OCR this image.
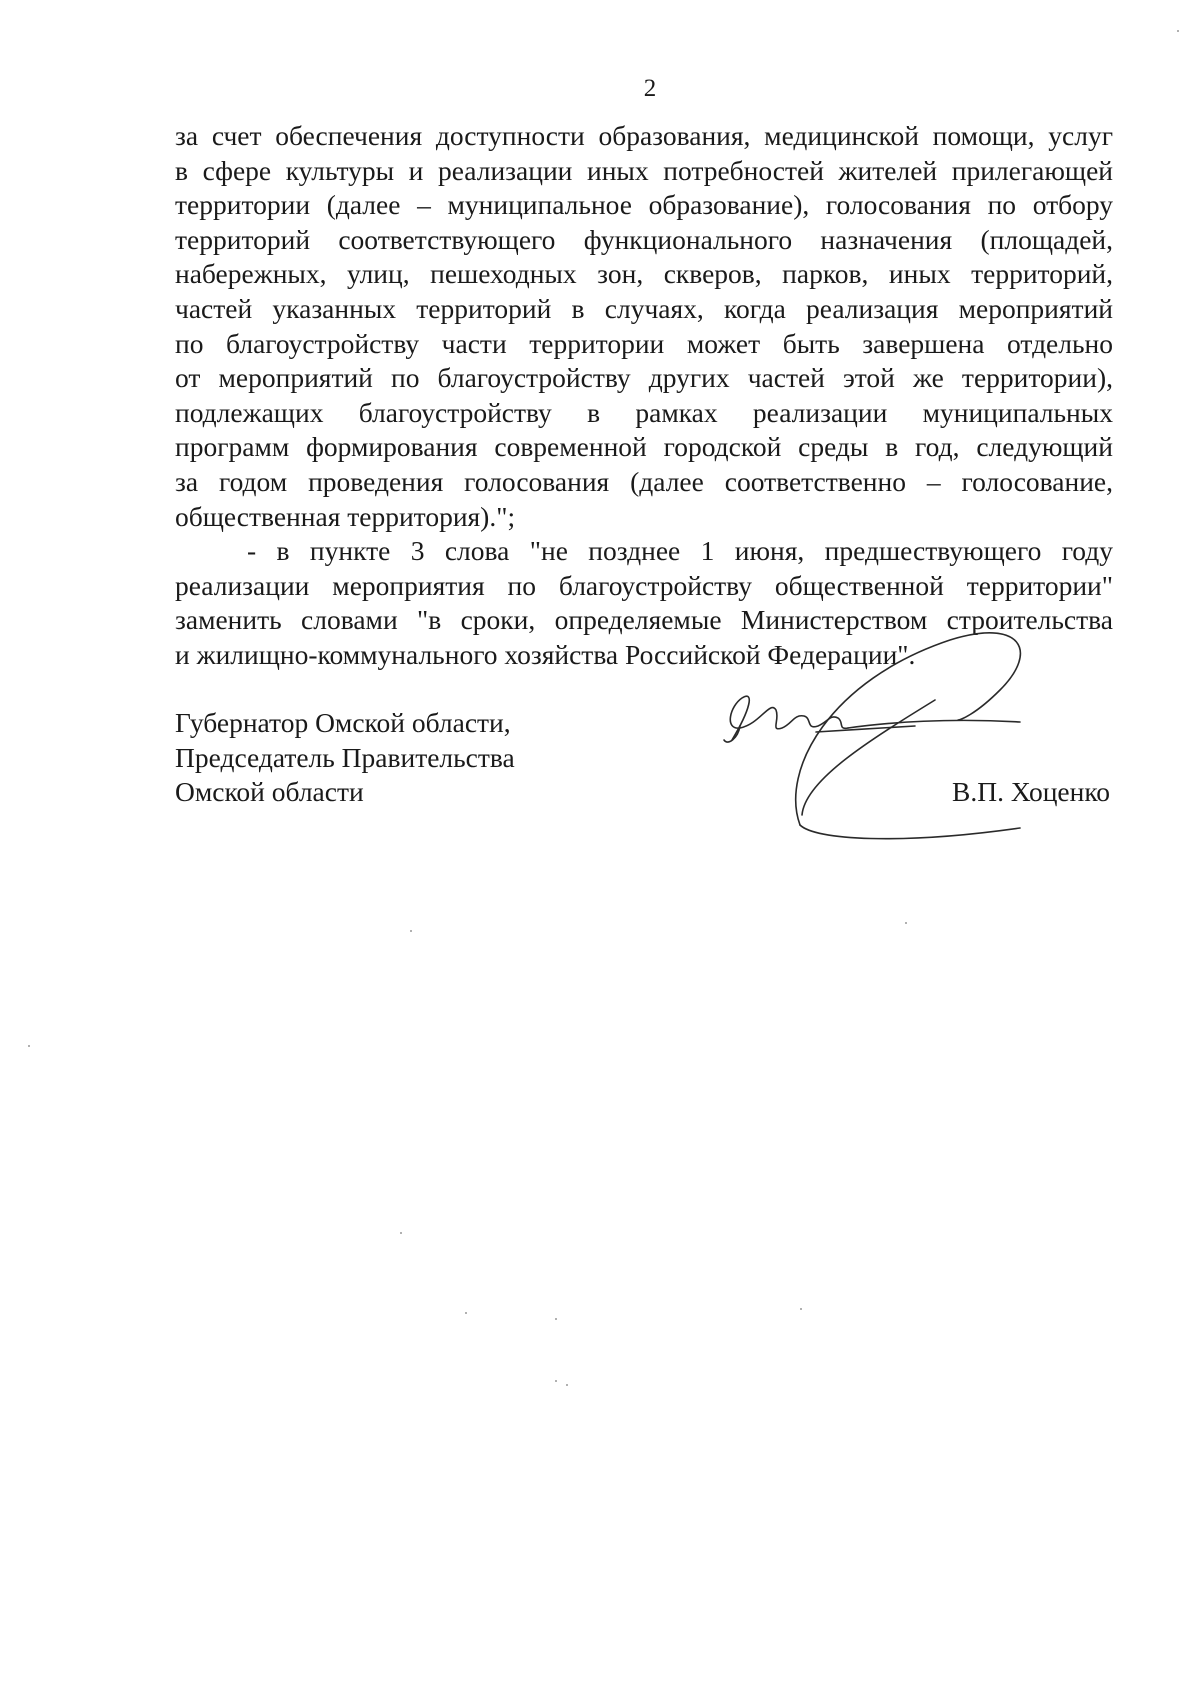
2

за счет обеспечения доступности образования, медицинской помощи, услуг
в сфере культуры и реализации иных потребностей жителей прилегающей
территории (далее – муниципальное образование), голосования по отбору
территорий соответствующего функционального назначения (площадей,
набережных, улиц, пешеходных зон, скверов, парков, иных территорий,
частей указанных территорий в случаях, когда реализация мероприятий
по благоустройству части территории может быть завершена отдельно
от мероприятий по благоустройству других частей этой же территории),
подлежащих благоустройству в рамках реализации муниципальных
программ формирования современной городской среды в год, следующий
за годом проведения голосования (далее соответственно – голосование,
общественная территория).";

- в пункте 3 слова "не позднее 1 июня, предшествующего году
реализации мероприятия по благоустройству общественной территории"
заменить словами "в сроки, определяемые Министерством строительства
и жилищно-коммунального хозяйства Российской Федерации".

Губернатор Омской области,
Председатель Правительства
Омской области	В.П. Хоценко
